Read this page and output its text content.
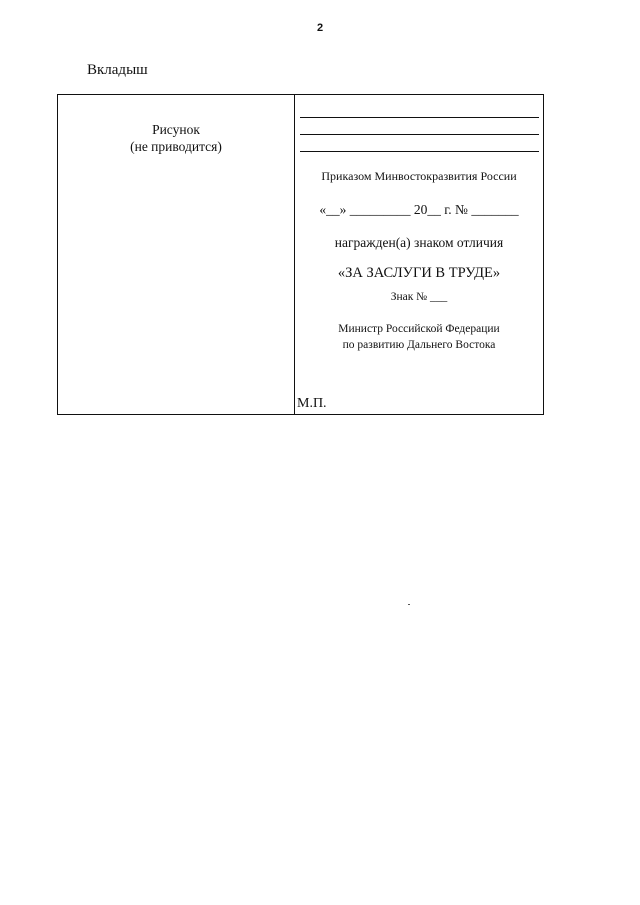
2
Вкладыш
Рисунок
(не приводится)
Приказом Минвостокразвития России
«__» _________ 20__ г. № _______
награжден(а) знаком отличия
«ЗА ЗАСЛУГИ В ТРУДЕ»
Знак № ___
Министр Российской Федерации
по развитию Дальнего Востока
М.П.
